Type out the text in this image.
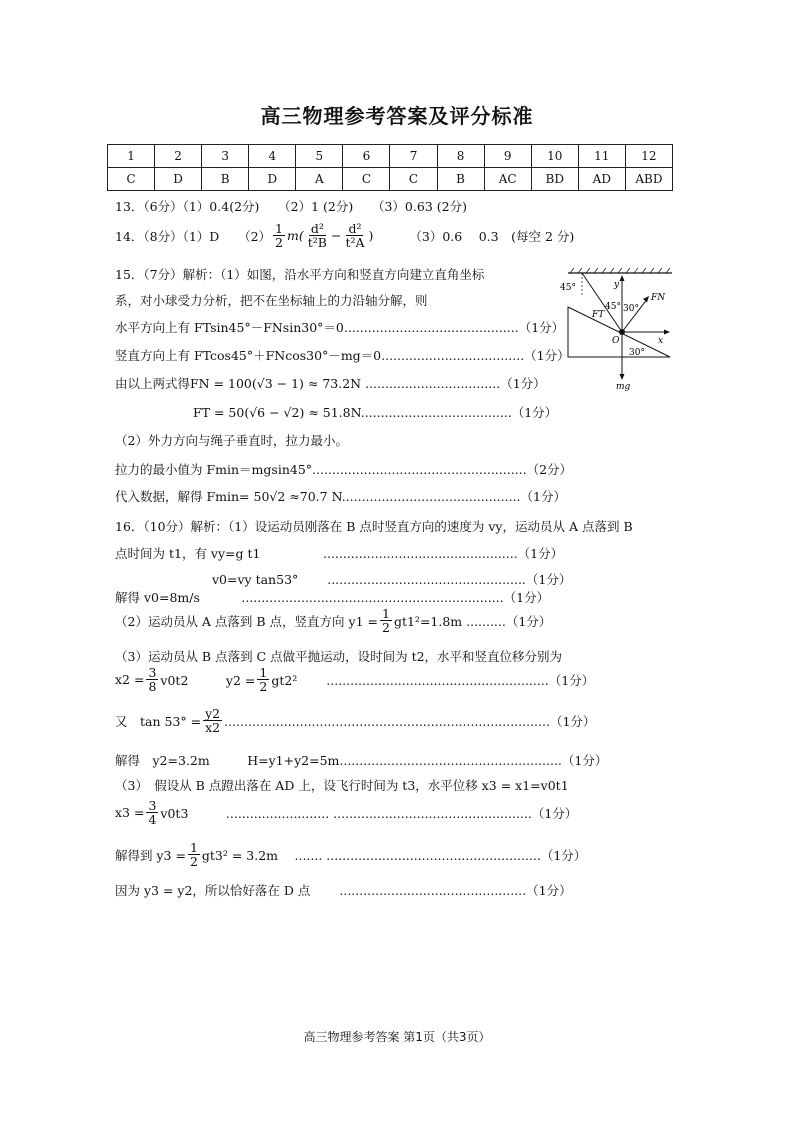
高三物理参考答案及评分标准
1	2	3	4	5	6	7	8	9	10	11	12
C	D	B	D	A	C	C	B	AC	BD	AD	ABD
13．（6分）（1）0.4(2分)　　（2）1 (2分)　　（3）0.63 (2分)
14．（8分）（1）D　　$(2) \frac{1}{2} m( \frac{\text{d²}}{\text{t²B}} - \frac{\text{d²}}{\text{t²A}}$ )	（3）0.6　 0.3　(每空 2 分)
15．（7分）解析：（1）如图，沿水平方向和竖直方向建立直角坐标
系，对小球受力分析，把不在坐标轴上的力沿轴分解，则
水平方向上有 FTsin45°－FNsin30°＝0............................................（1分）
竖直方向上有 FTcos45°＋FNcos30°－mg＝0....................................（1分）
由以上两式得FN = 100(√3 − 1) ≈ 73.2N ..................................（1分）
FT = 50(√6 − √2) ≈ 51.8N......................................（1分）
（2）外力方向与绳子垂直时，拉力最小。
拉力的最小值为 Fmin＝mgsin45°......................................................（2分）
代入数据，解得 Fmin= 50√2 ≈70.7 N.............................................（1分）
45°	y
FN
FT
45° 30°
O	x
30°
mg
16．（10分）解析：（1）设运动员刚落在 B 点时竖直方向的速度为 vy，运动员从 A 点落到 B
点时间为 t1，有 vy=g t1　　　　　.................................................（1分）
v0=vy tan53°　　 ..................................................（1分）
解得 v0=8m/s　　　 ..................................................................（1分）
（2）运动员从 A 点落到 B 点，竖直方向 $y1 = \frac{1}{2} gt1^2=1.8m$ ..........（1分）
（3）运动员从 B 点落到 C 点做平抛运动，设时间为 t2，水平和竖直位移分别为
$x2 = \frac{3}{8} v0t2$　　　$y2 = \frac{1}{2} gt2^2$　　 ........................................................（1分）
又　$\tan 53^\circ = \frac{y2}{x2} ..................................................................................(1$分）
解得　y2=3.2m　　　H=y1+y2=5m........................................................（1分）
（3）　假设从 B 点蹬出落在 AD 上，设飞行时间为 t3，水平位移 x3 = x1=v0t1
$x3 = \frac{3}{4} v0t3$　　　.......................... ..................................................（1分）
解得到 $y3 = \frac{1}{2} gt3^2 = 3.2m$　 ....... ......................................................（1分）
因为 y3 = y2，所以恰好落在 D 点　　 ...............................................（1分）
高三物理参考答案 第1页（共3页）
